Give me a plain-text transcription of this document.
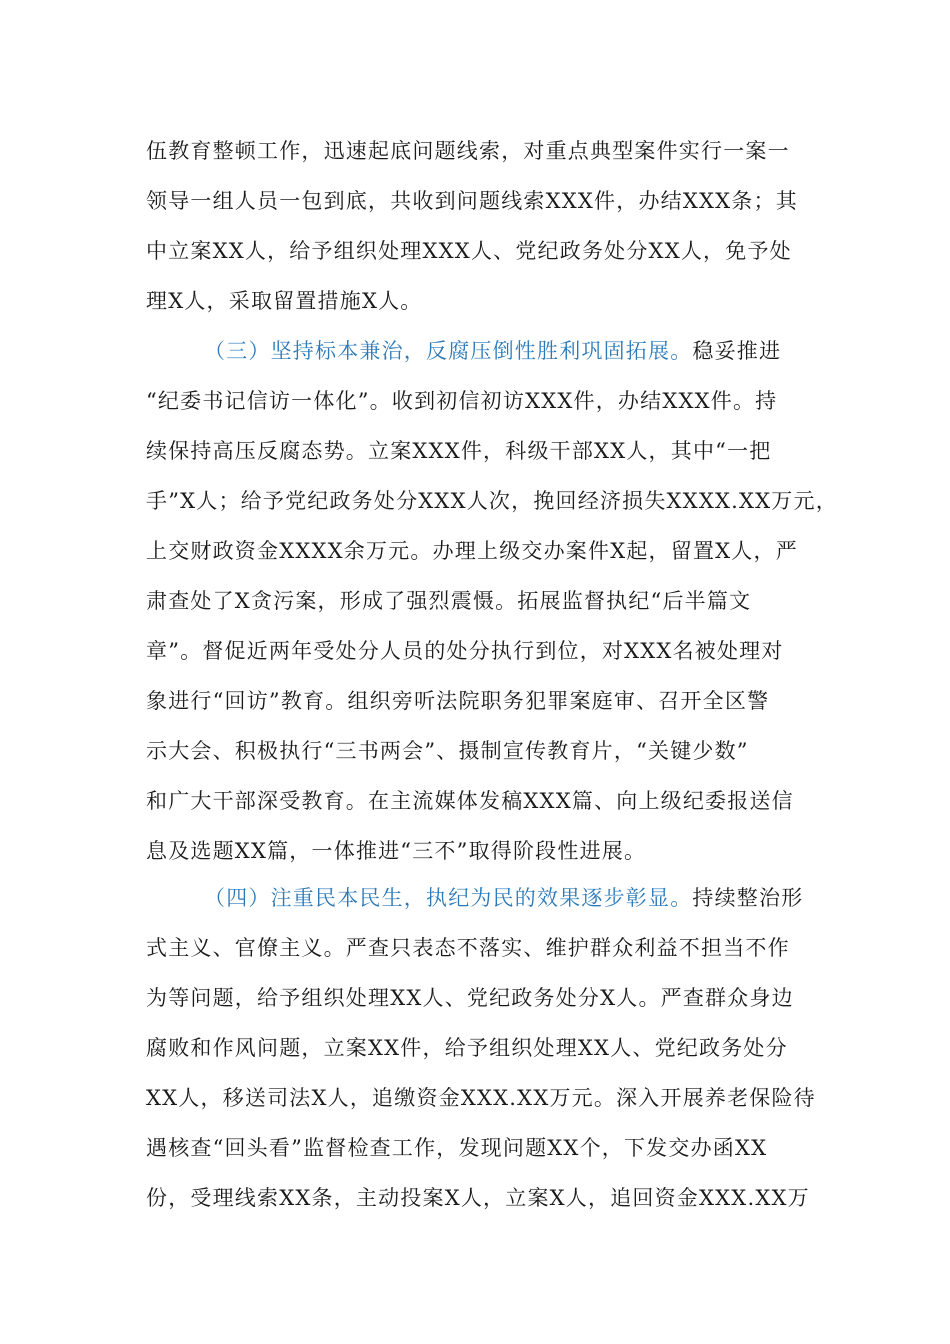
伍教育整顿工作，迅速起底问题线索，对重点典型案件实行一案一
领导一组人员一包到底，共收到问题线索XXX件，办结XXX条；其
中立案XX人，给予组织处理XXX人、党纪政务处分XX人，免予处
理X人，采取留置措施X人。
（三）坚持标本兼治，反腐压倒性胜利巩固拓展。稳妥推进
“纪委书记信访一体化”。收到初信初访XXX件，办结XXX件。持
续保持高压反腐态势。立案XXX件，科级干部XX人，其中“一把
手”X人；给予党纪政务处分XXX人次，挽回经济损失XXXX.XX万元，
上交财政资金XXXX余万元。办理上级交办案件X起，留置X人，严
肃查处了X贪污案，形成了强烈震慑。拓展监督执纪“后半篇文
章”。督促近两年受处分人员的处分执行到位，对XXX名被处理对
象进行“回访”教育。组织旁听法院职务犯罪案庭审、召开全区警
示大会、积极执行“三书两会”、摄制宣传教育片，“关键少数”
和广大干部深受教育。在主流媒体发稿XXX篇、向上级纪委报送信
息及选题XX篇，一体推进“三不”取得阶段性进展。
（四）注重民本民生，执纪为民的效果逐步彰显。持续整治形
式主义、官僚主义。严查只表态不落实、维护群众利益不担当不作
为等问题，给予组织处理XX人、党纪政务处分X人。严查群众身边
腐败和作风问题，立案XX件，给予组织处理XX人、党纪政务处分
XX人，移送司法X人，追缴资金XXX.XX万元。深入开展养老保险待
遇核查“回头看”监督检查工作，发现问题XX个，下发交办函XX
份，受理线索XX条，主动投案X人，立案X人，追回资金XXX.XX万
